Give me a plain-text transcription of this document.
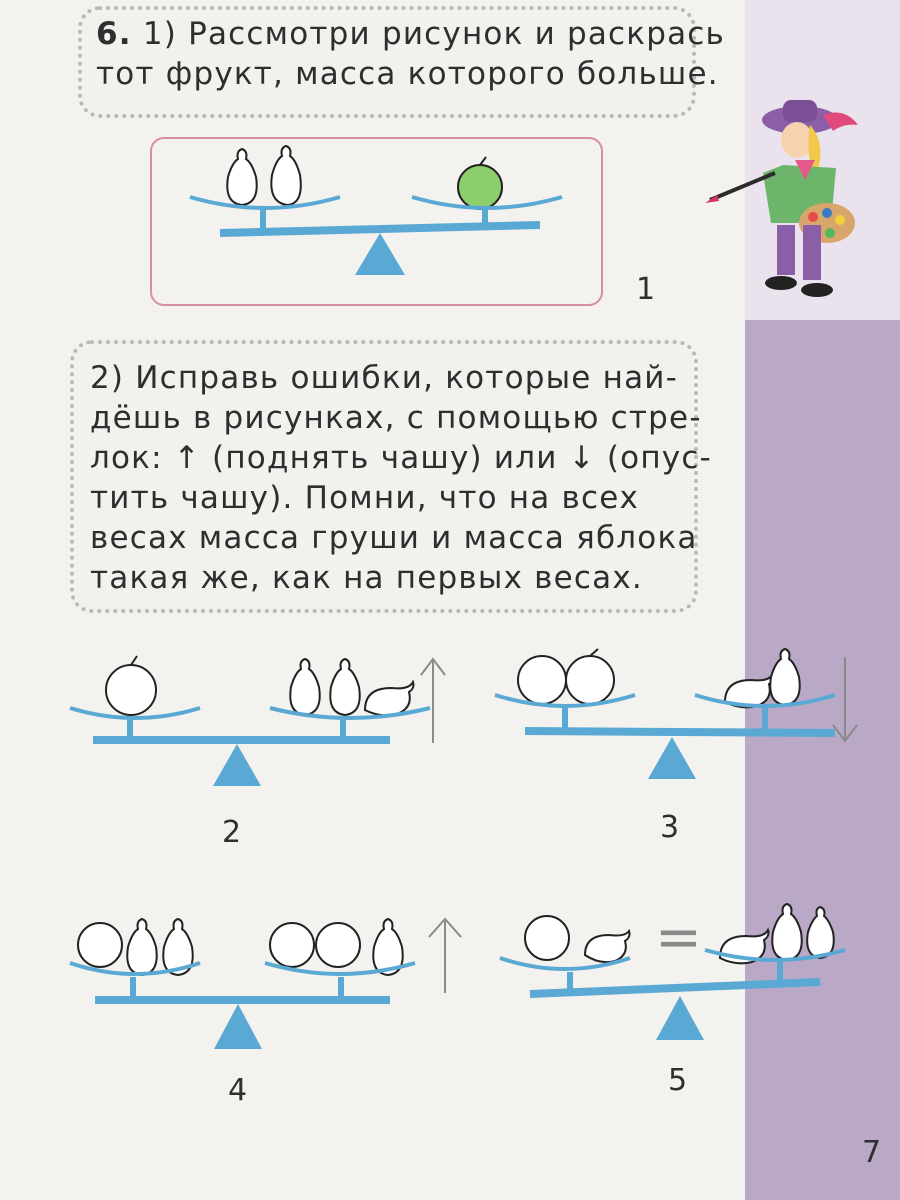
6. 1) Рассмотри рисунок и раскрась
тот фрукт, масса которого больше.
1
2) Исправь ошибки, которые най-
дёшь в рисунках, с помощью стре-
лок: ↑ (поднять чашу) или ↓ (опус-
тить чашу). Помни, что на всех
весах масса груши и масса яблока
такая же, как на первых весах.
2	3
4
=
5
7
